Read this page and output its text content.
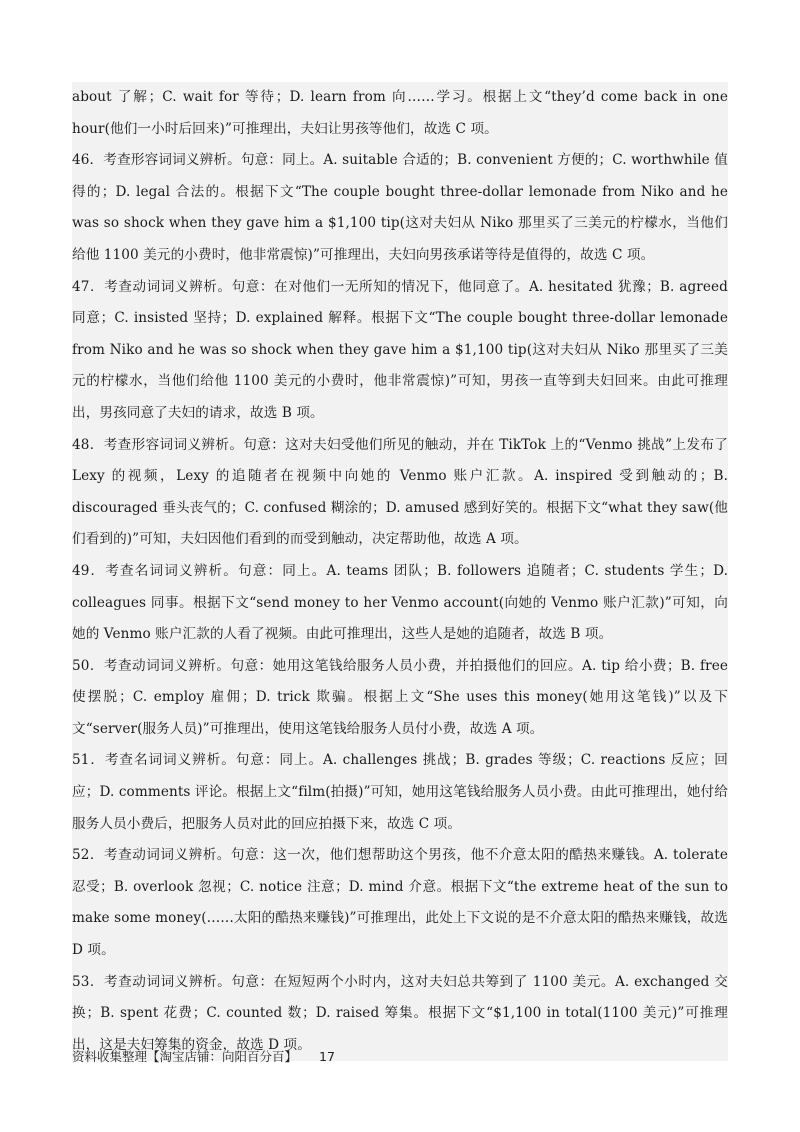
about 了解；C. wait for 等待；D. learn from 向……学习。根据上文“they’d come back in one hour(他们一小时后回来)”可推理出，夫妇让男孩等他们，故选 C 项。

46．考查形容词词义辨析。句意：同上。A. suitable 合适的；B. convenient 方便的；C. worthwhile 值得的；D. legal 合法的。根据下文“The couple bought three-dollar lemonade from Niko and he was so shock when they gave him a $1,100 tip(这对夫妇从 Niko 那里买了三美元的柠檬水，当他们给他 1100 美元的小费时，他非常震惊)”可推理出，夫妇向男孩承诺等待是值得的，故选 C 项。

47．考查动词词义辨析。句意：在对他们一无所知的情况下，他同意了。A. hesitated 犹豫；B. agreed 同意；C. insisted 坚持；D. explained 解释。根据下文“The couple bought three-dollar lemonade from Niko and he was so shock when they gave him a $1,100 tip(这对夫妇从 Niko 那里买了三美元的柠檬水，当他们给他 1100 美元的小费时，他非常震惊)”可知，男孩一直等到夫妇回来。由此可推理出，男孩同意了夫妇的请求，故选 B 项。

48．考查形容词词义辨析。句意：这对夫妇受他们所见的触动，并在 TikTok 上的“Venmo 挑战”上发布了 Lexy 的视频，Lexy 的追随者在视频中向她的 Venmo 账户汇款。A. inspired 受到触动的；B. discouraged 垂头丧气的；C. confused 糊涂的；D. amused 感到好笑的。根据下文“what they saw(他们看到的)”可知，夫妇因他们看到的而受到触动，决定帮助他，故选 A 项。

49．考查名词词义辨析。句意：同上。A. teams 团队；B. followers 追随者；C. students 学生；D. colleagues 同事。根据下文“send money to her Venmo account(向她的 Venmo 账户汇款)”可知，向她的 Venmo 账户汇款的人看了视频。由此可推理出，这些人是她的追随者，故选 B 项。

50．考查动词词义辨析。句意：她用这笔钱给服务人员小费，并拍摄他们的回应。A. tip 给小费；B. free 使摆脱；C. employ 雇佣；D. trick 欺骗。根据上文“She uses this money(她用这笔钱)”以及下文“server(服务人员)”可推理出，使用这笔钱给服务人员付小费，故选 A 项。

51．考查名词词义辨析。句意：同上。A. challenges 挑战；B. grades 等级；C. reactions 反应；回应；D. comments 评论。根据上文“film(拍摄)”可知，她用这笔钱给服务人员小费。由此可推理出，她付给服务人员小费后，把服务人员对此的回应拍摄下来，故选 C 项。

52．考查动词词义辨析。句意：这一次，他们想帮助这个男孩，他不介意太阳的酷热来赚钱。A. tolerate 忍受；B. overlook 忽视；C. notice 注意；D. mind 介意。根据下文“the extreme heat of the sun to make some money(……太阳的酷热来赚钱)”可推理出，此处上下文说的是不介意太阳的酷热来赚钱，故选 D 项。

53．考查动词词义辨析。句意：在短短两个小时内，这对夫妇总共筹到了 1100 美元。A. exchanged 交换；B. spent 花费；C. counted 数；D. raised 筹集。根据下文“$1,100 in total(1100 美元)”可推理出，这是夫妇筹集的资金，故选 D 项。

资料收集整理【淘宝店铺：向阳百分百】 17
